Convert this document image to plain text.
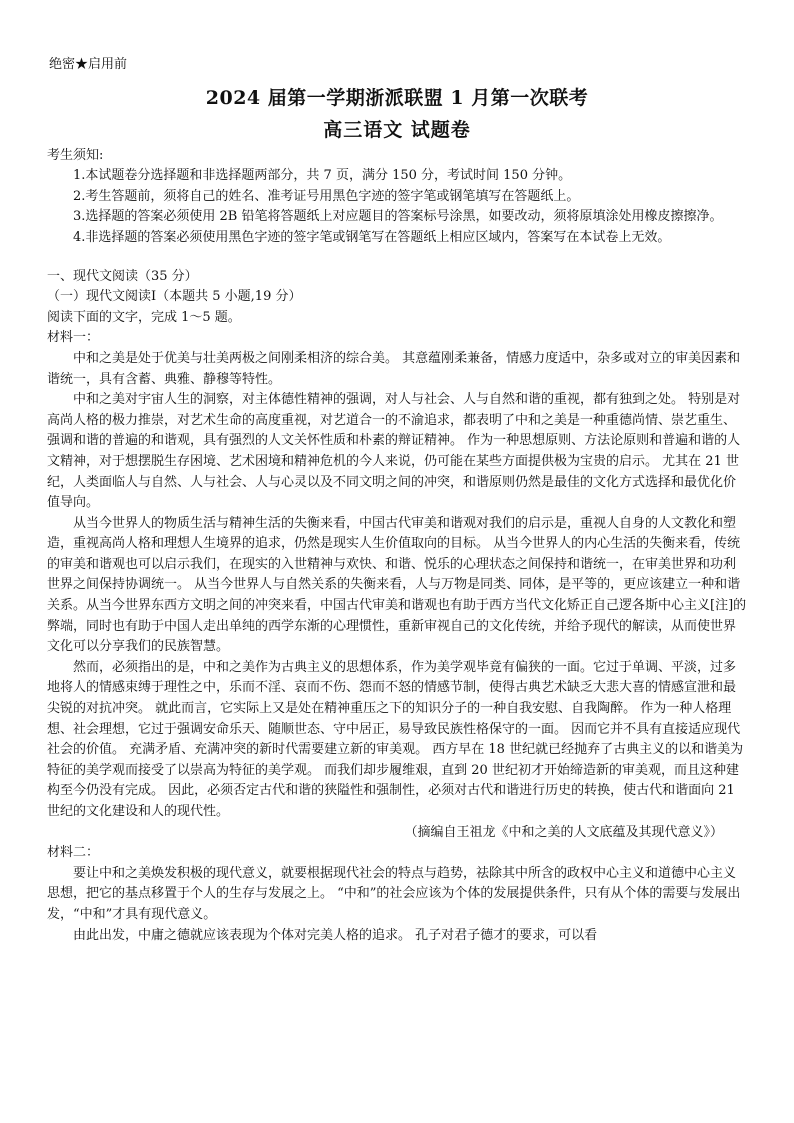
绝密★启用前
2024 届第一学期浙派联盟 1 月第一次联考
高三语文 试题卷

考生须知:

1.本试题卷分选择题和非选择题两部分，共 7 页，满分 150 分，考试时间 150 分钟。

2.考生答题前，须将自己的姓名、准考证号用黑色字迹的签字笔或钢笔填写在答题纸上。

3.选择题的答案必须使用 2B 铅笔将答题纸上对应题目的答案标号涂黑，如要改动，须将原填涂处用橡皮擦擦净。

4.非选择题的答案必须使用黑色字迹的签字笔或钢笔写在答题纸上相应区域内，答案写在本试卷上无效。

一、现代文阅读（35 分）

（一）现代文阅读Ⅰ（本题共 5 小题,19 分）

阅读下面的文字，完成 1～5 题。

材料一：

中和之美是处于优美与壮美两极之间刚柔相济的综合美。 其意蕴刚柔兼备，情感力度适中，杂多或对立的审美因素和谐统一，具有含蓄、典雅、静穆等特性。

中和之美对宇宙人生的洞察，对主体德性精神的强调，对人与社会、人与自然和谐的重视，都有独到之处。 特别是对高尚人格的极力推崇，对艺术生命的高度重视，对艺道合一的不渝追求，都表明了中和之美是一种重德尚情、崇艺重生、强调和谐的普遍的和谐观，具有强烈的人文关怀性质和朴素的辩证精神。 作为一种思想原则、方法论原则和普遍和谐的人文精神，对于想摆脱生存困境、艺术困境和精神危机的今人来说，仍可能在某些方面提供极为宝贵的启示。 尤其在 21 世纪，人类面临人与自然、人与社会、人与心灵以及不同文明之间的冲突，和谐原则仍然是最佳的文化方式选择和最优化价值导向。

从当今世界人的物质生活与精神生活的失衡来看，中国古代审美和谐观对我们的启示是，重视人自身的人文教化和塑造，重视高尚人格和理想人生境界的追求，仍然是现实人生价值取向的目标。 从当今世界人的内心生活的失衡来看，传统的审美和谐观也可以启示我们，在现实的入世精神与欢快、和谐、悦乐的心理状态之间保持和谐统一，在审美世界和功利世界之间保持协调统一。 从当今世界人与自然关系的失衡来看，人与万物是同类、同体，是平等的，更应该建立一种和谐关系。从当今世界东西方文明之间的冲突来看，中国古代审美和谐观也有助于西方当代文化矫正自己逻各斯中心主义[注]的弊端，同时也有助于中国人走出单纯的西学东渐的心理惯性，重新审视自己的文化传统，并给予现代的解读，从而使世界文化可以分享我们的民族智慧。

然而，必须指出的是，中和之美作为古典主义的思想体系，作为美学观毕竟有偏狭的一面。它过于单调、平淡，过多地将人的情感束缚于理性之中，乐而不淫、哀而不伤、怨而不怒的情感节制，使得古典艺术缺乏大悲大喜的情感宣泄和最尖锐的对抗冲突。 就此而言，它实际上又是处在精神重压之下的知识分子的一种自我安慰、自我陶醉。 作为一种人格理想、社会理想，它过于强调安命乐天、随顺世态、守中居正，易导致民族性格保守的一面。 因而它并不具有直接适应现代社会的价值。 充满矛盾、充满冲突的新时代需要建立新的审美观。 西方早在 18 世纪就已经抛弃了古典主义的以和谐美为特征的美学观而接受了以崇高为特征的美学观。 而我们却步履维艰，直到 20 世纪初才开始缔造新的审美观，而且这种建构至今仍没有完成。 因此，必须否定古代和谐的狭隘性和强制性，必须对古代和谐进行历史的转换，使古代和谐面向 21 世纪的文化建设和人的现代性。

（摘编自王祖龙《中和之美的人文底蕴及其现代意义》）

材料二：

要让中和之美焕发积极的现代意义，就要根据现代社会的特点与趋势，祛除其中所含的政权中心主义和道德中心主义思想，把它的基点移置于个人的生存与发展之上。 “中和”的社会应该为个体的发展提供条件，只有从个体的需要与发展出发，“中和”才具有现代意义。

由此出发，中庸之德就应该表现为个体对完美人格的追求。 孔子对君子德才的要求，可以看
